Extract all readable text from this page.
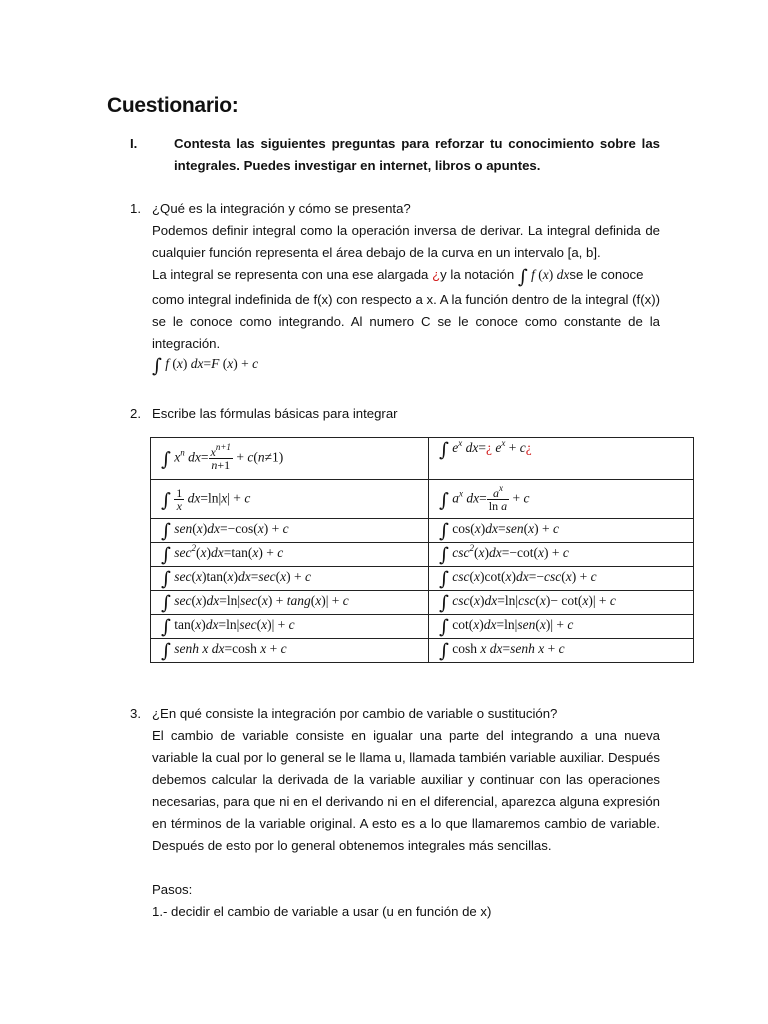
Cuestionario:
I.	Contesta las siguientes preguntas para reforzar tu conocimiento sobre las integrales. Puedes investigar en internet, libros o apuntes.
1. ¿Qué es la integración y cómo se presenta?
Podemos definir integral como la operación inversa de derivar. La integral definida de cualquier función representa el área debajo de la curva en un intervalo [a, b].
La integral se representa con una ese alargada ¿y la notación ∫ f (x) dxse le conoce
como integral indefinida de f(x) con respecto a x. A la función dentro de la integral (f(x)) se le conoce como integrando. Al numero C se le conoce como constante de la integración.
∫ f (x) dx=F (x) + c
2. Escribe las fórmulas básicas para integrar
∫ $x^n$ $dx= \frac{x^{n+1}}{n+1} + c(n\ne 1)$	∫ $e^x$ dx=¿ $e^x$ + c¿
∫ $\frac{1}{x} dx=\ln|x| + c$	∫ $a^x$ $dx= \frac{a^x}{\text{ln a}} + c$
∫ sen(x)dx=−cos(x) + c	∫ cos(x)dx=sen(x) + c
∫ $\sec^2(x)dx=\tan(x) + c$	∫ $\csc^2(x)dx=-\cot(x) + c$
∫ sec(x)tan(x)dx=sec(x) + c	∫ csc(x)cot(x)dx=−csc(x) + c
∫ sec(x)dx=ln|sec(x) + tang(x)| + c	∫ csc(x)dx=ln|csc(x)− cot(x)| + c
∫ tan(x)dx=ln|sec(x)| + c	∫ cot(x)dx=ln|sen(x)| + c
∫ senh x dx=cosh x + c	∫ cosh x dx=senh x + c
3. ¿En qué consiste la integración por cambio de variable o sustitución?
El cambio de variable consiste en igualar una parte del integrando a una nueva variable la cual por lo general se le llama u, llamada también variable auxiliar. Después debemos calcular la derivada de la variable auxiliar y continuar con las operaciones necesarias, para que ni en el derivando ni en el diferencial, aparezca alguna expresión en términos de la variable original. A esto es a lo que llamaremos cambio de variable. Después de esto por lo general obtenemos integrales más sencillas.
Pasos:
1.- decidir el cambio de variable a usar (u en función de x)
